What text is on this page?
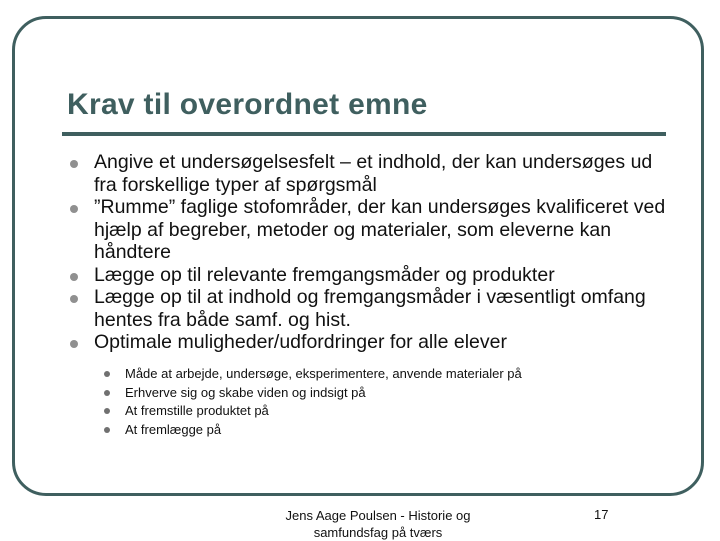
Krav til overordnet emne
Angive et undersøgelsesfelt – et indhold, der kan undersøges ud fra forskellige typer af spørgsmål
”Rumme” faglige stofområder, der kan undersøges kvalificeret ved hjælp af begreber, metoder og materialer, som eleverne kan håndtere
Lægge op til relevante fremgangsmåder og produkter
Lægge op til at indhold og fremgangsmåder i væsentligt omfang hentes fra både samf. og hist.
Optimale muligheder/udfordringer for alle elever
Måde at arbejde, undersøge, eksperimentere, anvende materialer på
Erhverve sig og skabe viden og indsigt på
At fremstille produktet på
At fremlægge på
Jens Aage Poulsen - Historie og samfundsfag på tværs
17
